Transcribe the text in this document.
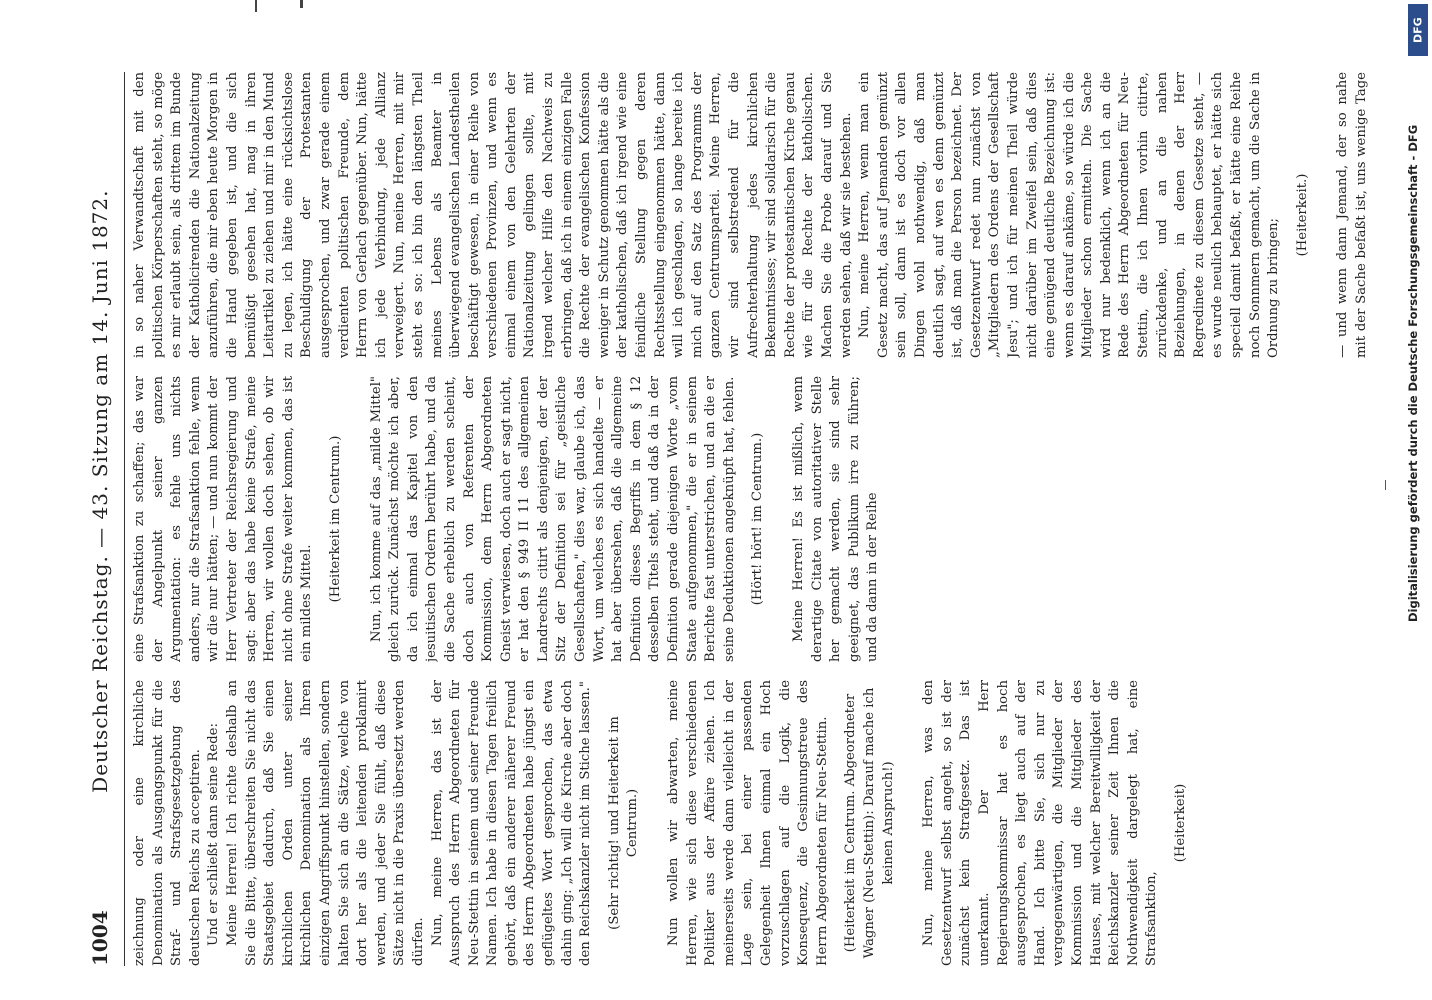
1004
Deutscher Reichstag. — 43. Sitzung am 14. Juni 1872.

zeichnung oder eine kirchliche Denomination als Ausgangspunkt für die Straf- und Strafsgesetzgebung des deutschen Reichs zu acceptiren. Und er schließt dann seine Rede: Meine Herren! Ich richte deshalb an Sie die Bitte, überschreiten Sie nicht das Staatsgebiet dadurch, daß Sie einen kirchlichen Orden unter seiner kirchlichen Denomination als Ihren einzigen Angriffspunkt hinstellen, sondern halten Sie sich an die Sätze, welche von dort her als die leitenden proklamirt werden, und jeder Sie fühlt, daß diese Sätze nicht in die Praxis übersetzt werden dürfen. Nun, meine Herren, das ist der Ausspruch des Herrn Abgeordneten für Neu-Stettin in seinem und seiner Freunde Namen. Ich habe in diesen Tagen freilich gehört, daß ein anderer näherer Freund des Herrn Abgeordneten habe jüngst ein geflügeltes Wort gesprochen, das etwa dahin ging: „Ich will die Kirche aber doch den Reichskanzler nicht im Stiche lassen." (Sehr richtig! und Heiterkeit im Centrum.) Nun wollen wir abwarten, meine Herren, wie sich diese verschiedenen Politiker aus der Affaire ziehen. Ich meinerseits werde dann vielleicht in der Lage sein, bei einer passenden Gelegenheit Ihnen einmal ein Hoch vorzuschlagen auf die Logik, die Konsequenz, die Gesinnungstreue des Herrn Abgeordneten für Neu-Stettin. (Heiterkeit im Centrum. Abgeordneter Wagner (Neu-Stettin): Darauf mache ich keinen Anspruch!) Nun, meine Herren, was den Gesetzentwurf selbst angeht, so ist der zunächst kein Strafgesetz. Das ist unerkannt. Der Herr Regierungskommissar hat es hoch ausgesprochen, es liegt auch auf der Hand. Ich bitte Sie, sich nur zu vergegenwärtigen, die Mitglieder der Kommission und die Mitglieder des Hauses, mit welcher Bereitwilligkeit der Reichskanzler seiner Zeit Ihnen die Nothwendigkeit dargelegt hat, eine Strafsanktion,

(Heiterkeit)

eine Strafsanktion zu schaffen; das war der Angelpunkt seiner ganzen Argumentation: es fehle uns nichts anders, nur die Strafsanktion fehle, wenn wir die nur hätten; — und nun kommt der Herr Vertreter der Reichsregierung und sagt: aber das habe keine Strafe, meine Herren, wir wollen doch sehen, ob wir nicht ohne Strafe weiter kommen, das ist ein mildes Mittel.

(Heiterkeit im Centrum.) Nun, ich komme auf das „milde Mittel" gleich zurück. Zunächst möchte ich aber, da ich einmal das Kapitel von den jesuitischen Ordern berührt habe, und da die Sache erheblich zu werden scheint, doch auch von Referenten der Kommission, dem Herrn Abgeordneten Gneist verwiesen, doch auch er sagt nicht, er hat den § 949 II 11 des allgemeinen Landrechts citirt als denjenigen, der der Sitz der Definition sei für „geistliche Gesellschaften," dies war, glaube ich, das Wort, um welches es sich handelte — er hat aber übersehen, daß die allgemeine Definition dieses Begriffs in dem § 12 desselben Titels steht, und daß da in der Definition gerade diejenigen Worte „vom Staate aufgenommen," die er in seinem Berichte fast unterstrichen, und an die er seine Deduktionen angeknüpft hat, fehlen. (Hört! hört! im Centrum.) Meine Herren! Es ist mißlich, wenn derartige Citate von autoritativer Stelle her gemacht werden, sie sind sehr geeignet, das Publikum irre zu führen; und da dann in der Reihe

in so naher Verwandtschaft mit den politischen Körperschaften steht, so möge es mir erlaubt sein, als drittem im Bunde der Katholicirenden die Nationalzeitung anzuführen, die mir eben heute Morgen in die Hand gegeben ist, und die sich bemüßigt gesehen hat, mag in ihren Leitartikel zu ziehen und mir in den Mund zu legen, ich hätte eine rücksichtslose Beschuldigung der Protestanten ausgesprochen, und zwar gerade einem verdienten politischen Freunde, dem Herrn von Gerlach gegenüber. Nun, hätte ich jede Verbindung, jede Allianz verweigert. Nun, meine Herren, mit mir steht es so: ich bin den längsten Theil meines Lebens als Beamter in überwiegend evangelischen Landestheilen beschäftigt gewesen, in einer Reihe von verschiedenen Provinzen, und wenn es einmal einem von den Gelehrten der Nationalzeitung gelingen sollte, mit irgend welcher Hilfe den Nachweis zu erbringen, daß ich in einem einzigen Falle die Rechte der evangelischen Konfession weniger in Schutz genommen hätte als die der katholischen, daß ich irgend wie eine feindliche Stellung gegen deren Rechtsstellung eingenommen hätte, dann will ich geschlagen, so lange bereite ich mich auf den Satz des Programms der ganzen Centrumspartei. Meine Herren, wir sind selbstredend für die Aufrechterhaltung jedes kirchlichen Bekenntnisses; wir sind solidarisch für die Rechte der protestantischen Kirche genau wie für die Rechte der katholischen. Machen Sie die Probe darauf und Sie werden sehen, daß wir sie bestehen. Nun, meine Herren, wenn man ein Gesetz macht, das auf Jemanden gemünzt sein soll, dann ist es doch vor allen Dingen wohl nothwendig, daß man deutlich sagt, auf wen es denn gemünzt ist, daß man die Person bezeichnet. Der Gesetzentwurf redet nun zunächst von „Mitgliedern des Ordens der Gesellschaft Jesu"; und ich für meinen Theil würde nicht darüber im Zweifel sein, daß dies eine genügend deutliche Bezeichnung ist: wenn es darauf ankäme, so würde ich die Mitglieder schon ermitteln. Die Sache wird nur bedenklich, wenn ich an die Rede des Herrn Abgeordneten für Neu-Stettin, die ich Ihnen vorhin citirte, zurückdenke, und an die nahen Beziehungen, in denen der Herr Regredinete zu diesem Gesetze steht, — es wurde neulich behauptet, er hätte sich speciell damit befaßt, er hätte eine Reihe noch Sonnmern gemacht, um die Sache in Ordnung zu bringen;

(Heiterkeit.)

— und wenn dann Jemand, der so nahe mit der Sache befaßt ist, uns wenige Tage

DFG
Digitalisierung gefördert durch die Deutsche Forschungsgemeinschaft - DFG
